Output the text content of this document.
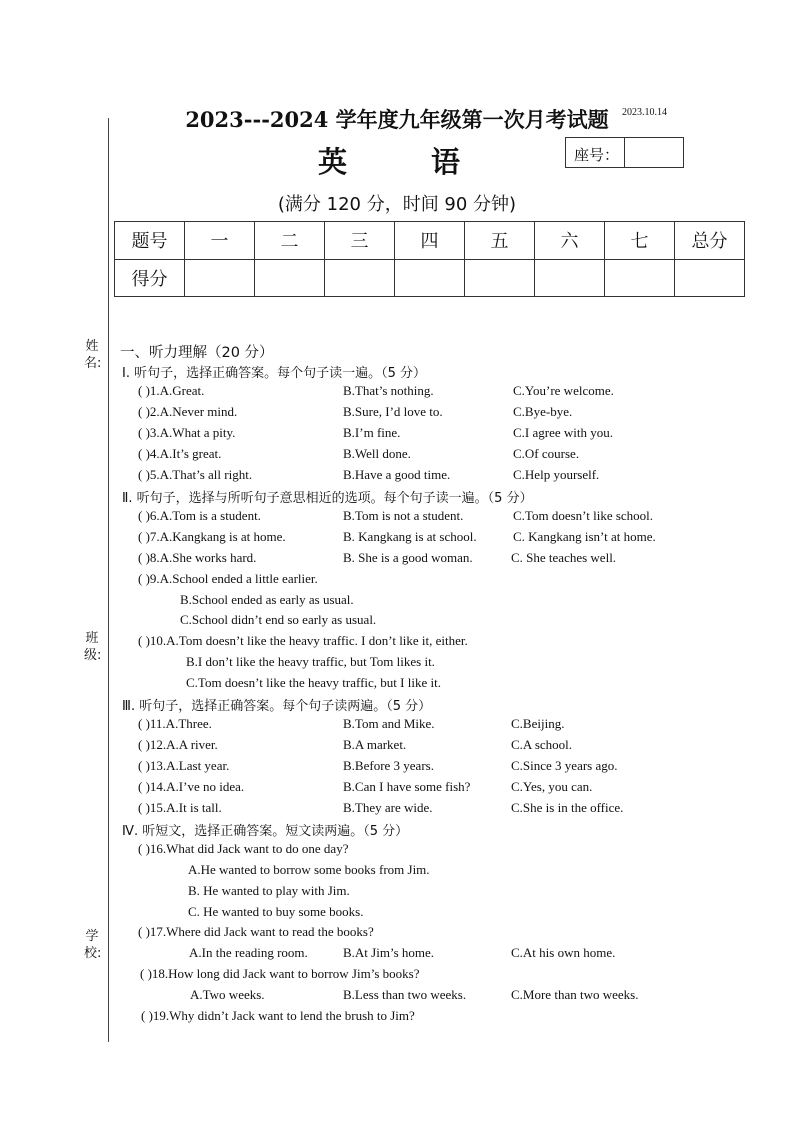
姓 名:
班 级:
学 校:
2023---2024 学年度九年级第一次月考试题	2023.10.14
英语 座号：
(满分 120 分，时间 90 分钟)
题号	一	二	三	四	五	六	七	总分
得分								
一、听力理解（20 分）
Ⅰ. 听句子，选择正确答案。每个句子读一遍。（5 分）
( )1.A.Great.	B.That’s nothing.	C.You’re welcome.
( )2.A.Never mind.	B.Sure, I’d love to.	C.Bye-bye.
( )3.A.What a pity.	B.I’m fine.	C.I agree with you.
( )4.A.It’s great.	B.Well done.	C.Of course.
( )5.A.That’s all right.	B.Have a good time.	C.Help yourself.
Ⅱ. 听句子，选择与所听句子意思相近的选项。每个句子读一遍。（5 分）
( )6.A.Tom is a student.	B.Tom is not a student.	C.Tom doesn’t like school.
( )7.A.Kangkang is at home.	B. Kangkang is at school.	C. Kangkang isn’t at home.
( )8.A.She works hard.	B. She is a good woman.	C. She teaches well.
( )9.A.School ended a little earlier.
B.School ended as early as usual.
C.School didn’t end so early as usual.
( )10.A.Tom doesn’t like the heavy traffic. I don’t like it, either.
B.I don’t like the heavy traffic, but Tom likes it.
C.Tom doesn’t like the heavy traffic, but I like it.
Ⅲ. 听句子，选择正确答案。每个句子读两遍。（5 分）
( )11.A.Three.	B.Tom and Mike.	C.Beijing.
( )12.A.A river.	B.A market.	C.A school.
( )13.A.Last year.	B.Before 3 years.	C.Since 3 years ago.
( )14.A.I’ve no idea.	B.Can I have some fish?	C.Yes, you can.
( )15.A.It is tall.	B.They are wide.	C.She is in the office.
Ⅳ. 听短文，选择正确答案。短文读两遍。（5 分）
( )16.What did Jack want to do one day?
A.He wanted to borrow some books from Jim.
B. He wanted to play with Jim.
C. He wanted to buy some books.
( )17.Where did Jack want to read the books?
A.In the reading room.	B.At Jim’s home.	C.At his own home.
( )18.How long did Jack want to borrow Jim’s books?
A.Two weeks.	B.Less than two weeks.	C.More than two weeks.
( )19.Why didn’t Jack want to lend the brush to Jim?
